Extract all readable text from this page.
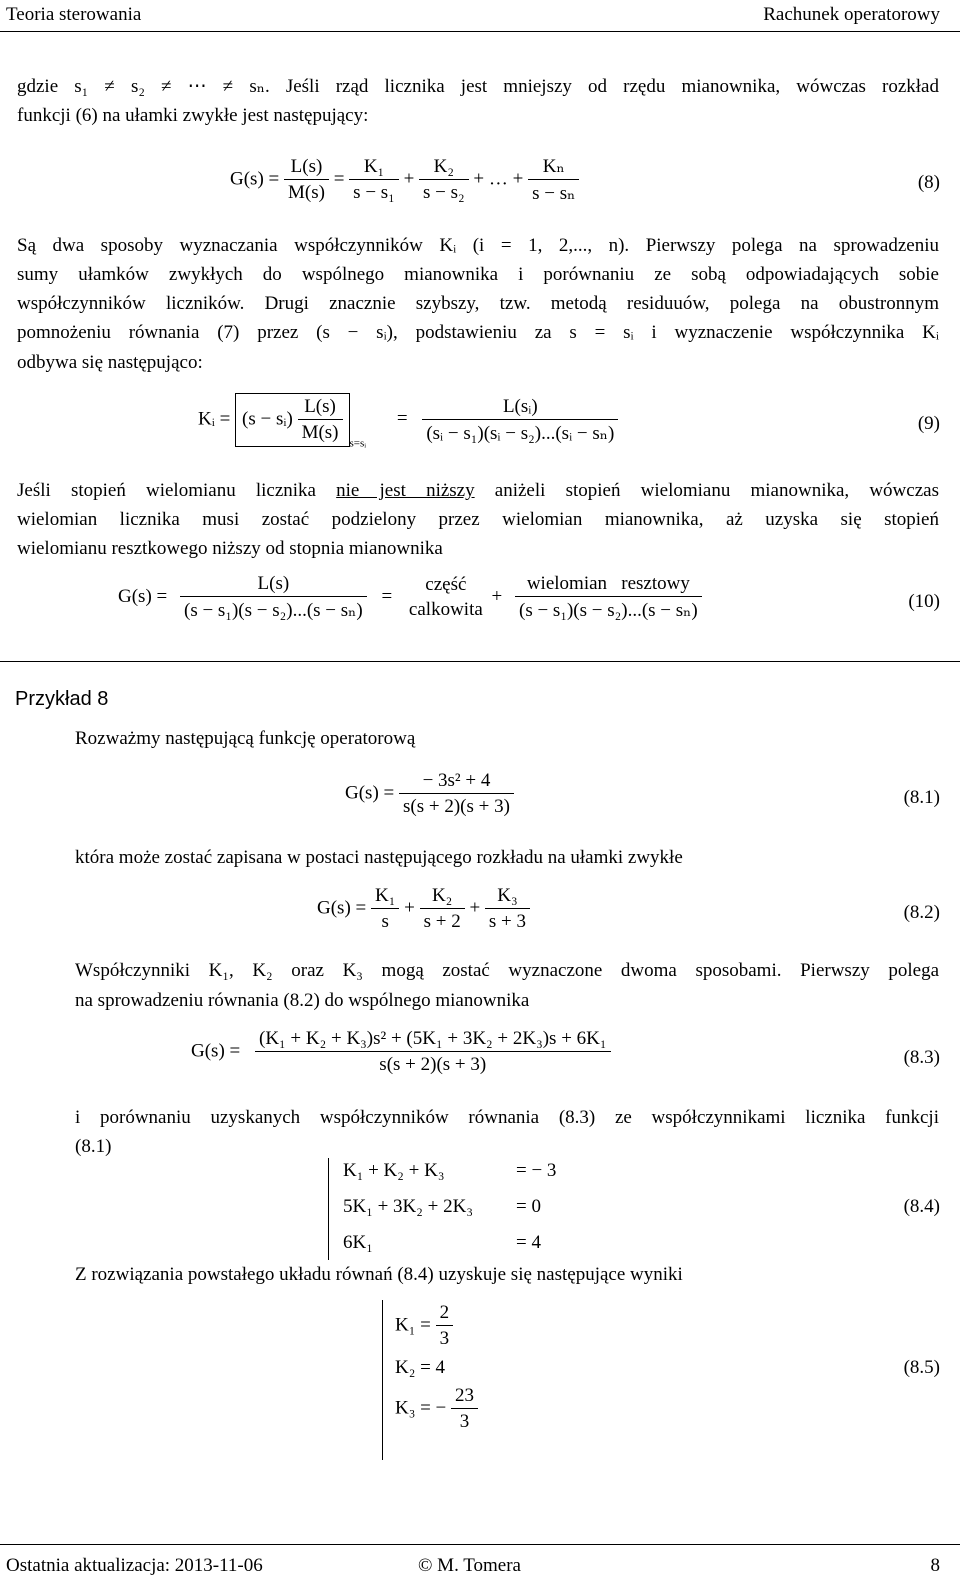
Teoria sterowania	Rachunek operatorowy
gdzie s₁ ≠ s₂ ≠ ⋯ ≠ sₙ. Jeśli rząd licznika jest mniejszy od rzędu mianownika, wówczas rozkład
funkcji (6) na ułamki zwykłe jest następujący:
$G(s) = \frac{L(s)}{M(s)} = \frac{\text{K₁}}{\text{s − s₁}} + \frac{\text{K₂}}{\text{s − s₂}}$ + … + $\frac{\text{Kₙ}}{\text{s − sₙ}}$	(8)
Są dwa sposoby wyznaczania współczynników Kᵢ (i = 1, 2,..., n). Pierwszy polega na sprowadzeniu
sumy ułamków zwykłych do wspólnego mianownika i porównaniu ze sobą odpowiadających sobie
współczynników liczników. Drugi znacznie szybszy, tzw. metodą residuuów, polega na obustronnym
pomnożeniu równania (7) przez (s − sᵢ), podstawieniu za s = sᵢ i wyznaczenie współczynnika Kᵢ
odbywa się następująco:
Kᵢ = (s − sᵢ) $\frac{L(s)}{M(s)} _{s=sᵢ} = \frac{\text{L(sᵢ)}}{\text{(sᵢ − s₁)(sᵢ − s₂)...(sᵢ − sₙ)}}$	(9)
Jeśli stopień wielomianu licznika nie jest niższy aniżeli stopień wielomianu mianownika, wówczas
wielomian licznika musi zostać podzielony przez wielomian mianownika, aż uzyska się stopień
wielomianu resztkowego niższy od stopnia mianownika
$G(s) = \frac{L(s)}{\text{(s − s₁)(s − s₂)...(s − sₙ)}}$ =
część
calkowita
+ $\frac{\text{wielomian   resztowy}}{\text{(s − s₁)(s − s₂)...(s − sₙ)}}$	(10)
Przykład 8
Rozważmy następującą funkcję operatorową
$G(s) = \frac{\text{− 3s² + 4}}{s(s + 2)(s + 3)}$	(8.1)
która może zostać zapisana w postaci następującego rozkładu na ułamki zwykłe
$G(s) = \frac{\text{K₁}}{s} + \frac{\text{K₂}}{s + 2} + \frac{\text{K₃}}{s + 3}$	(8.2)
Współczynniki K₁, K₂ oraz K₃ mogą zostać wyznaczone dwoma sposobami. Pierwszy polega
na sprowadzeniu równania (8.2) do wspólnego mianownika
$G(s) = \frac{\text{(K₁ + K₂ + K₃)s² + (5K₁ + 3K₂ + 2K₃)s + 6K₁}}{s(s + 2)(s + 3)}$	(8.3)
i porównaniu uzyskanych współczynników równania (8.3) ze współczynnikami licznika funkcji
(8.1)
K₁ + K₂ + K₃	= − 3
5K₁ + 3K₂ + 2K₃ = 0
6K₁	= 4
(8.4)
Z rozwiązania powstałego układu równań (8.4) uzyskuje się następujące wyniki
$K_1 = \frac{2}{3}$
K₂ = 4
K₃ = − $\frac{23}{3}$
(8.5)
Ostatnia aktualizacja: 2013-11-06	© M. Tomera	8
